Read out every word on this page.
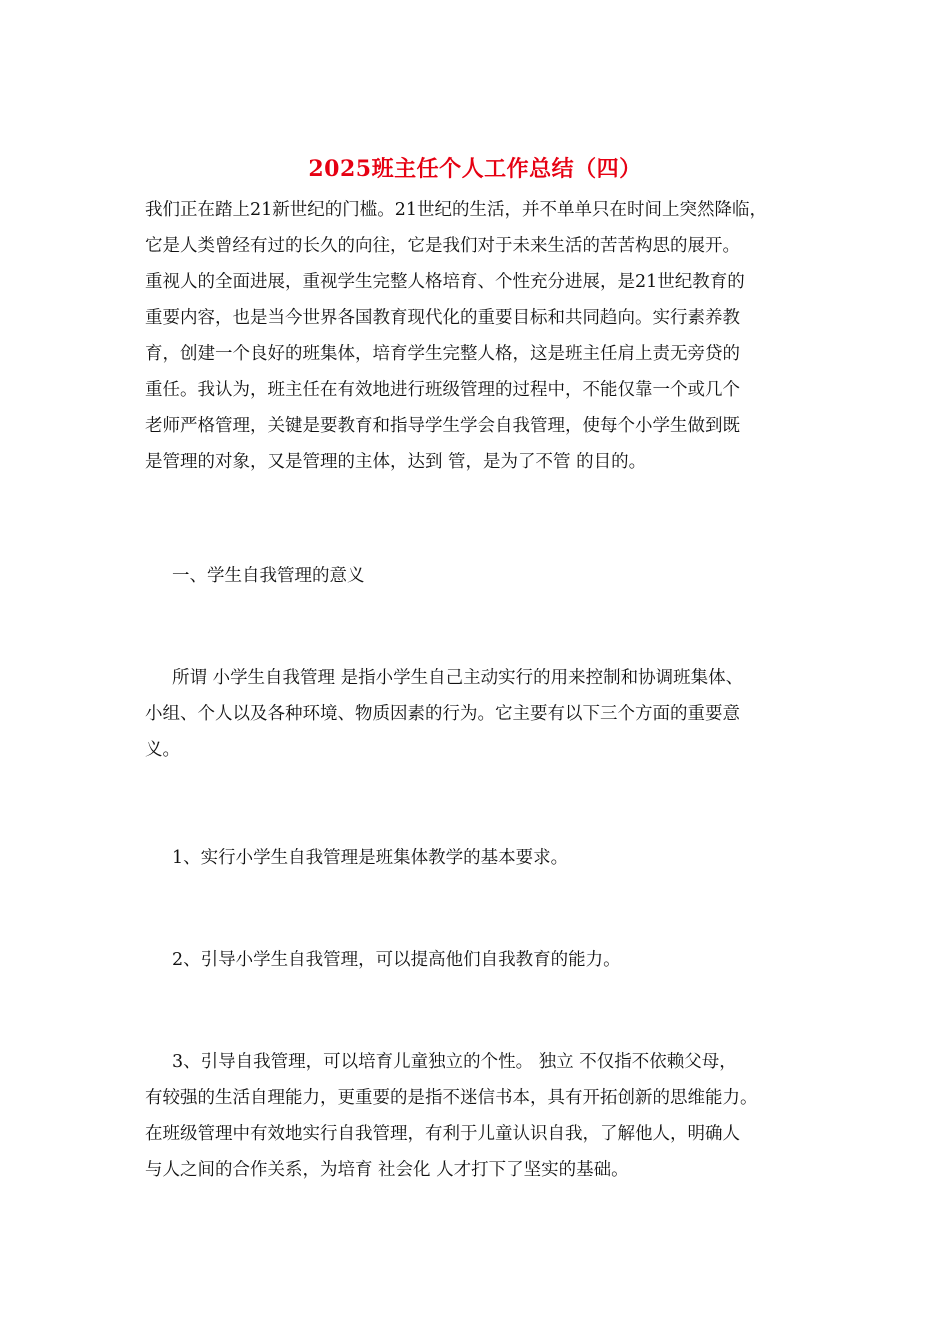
2025班主任个人工作总结（四）
我们正在踏上21新世纪的门槛。21世纪的生活，并不单单只在时间上突然降临，
它是人类曾经有过的长久的向往，它是我们对于未来生活的苦苦构思的展开。
重视人的全面进展，重视学生完整人格培育、个性充分进展，是21世纪教育的
重要内容，也是当今世界各国教育现代化的重要目标和共同趋向。实行素养教
育，创建一个良好的班集体，培育学生完整人格，这是班主任肩上责无旁贷的
重任。我认为，班主任在有效地进行班级管理的过程中，不能仅靠一个或几个
老师严格管理，关键是要教育和指导学生学会自我管理，使每个小学生做到既
是管理的对象，又是管理的主体，达到 管，是为了不管 的目的。
一、学生自我管理的意义
所谓 小学生自我管理 是指小学生自己主动实行的用来控制和协调班集体、
小组、个人以及各种环境、物质因素的行为。它主要有以下三个方面的重要意
义。
1、实行小学生自我管理是班集体教学的基本要求。
2、引导小学生自我管理，可以提高他们自我教育的能力。
3、引导自我管理，可以培育儿童独立的个性。 独立 不仅指不依赖父母，
有较强的生活自理能力，更重要的是指不迷信书本，具有开拓创新的思维能力。
在班级管理中有效地实行自我管理，有利于儿童认识自我，了解他人，明确人
与人之间的合作关系，为培育 社会化 人才打下了坚实的基础。
